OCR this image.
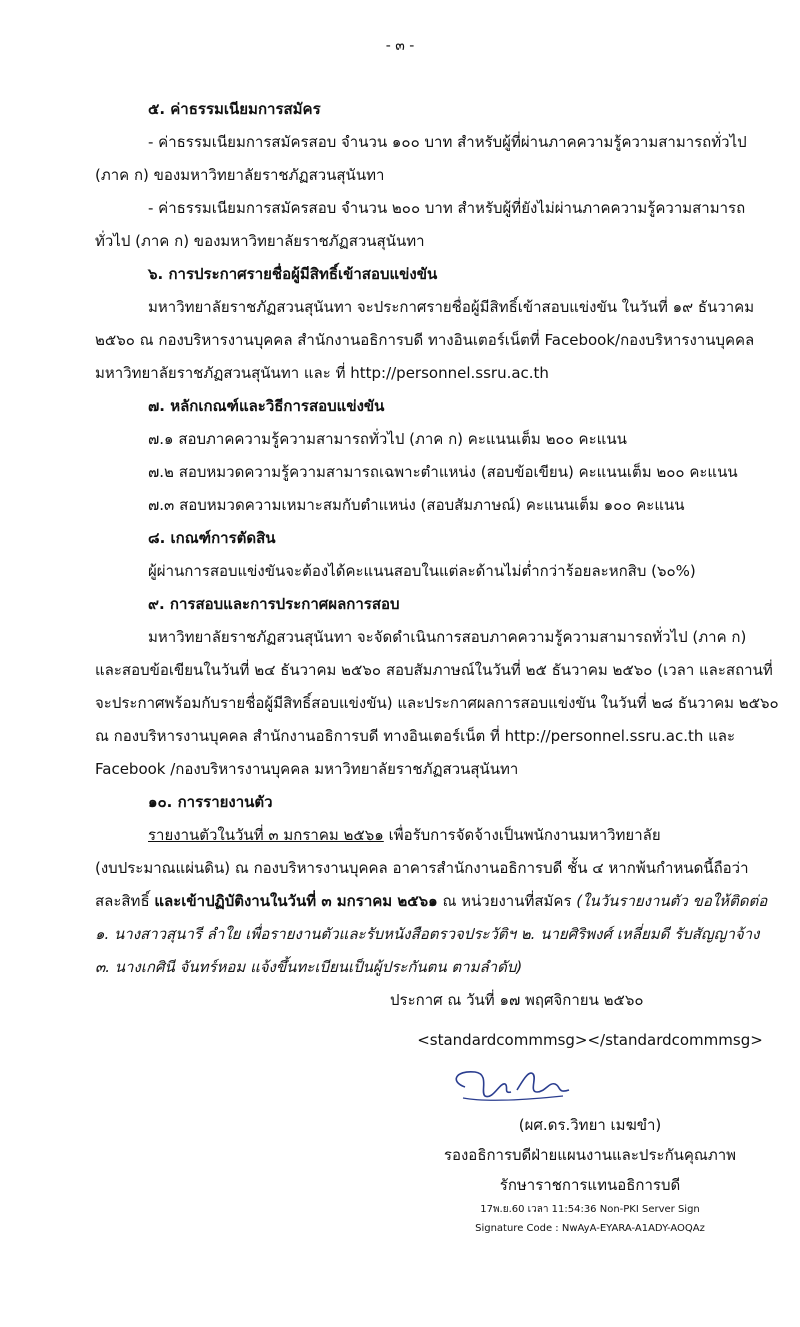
- ๓ -
๕. ค่าธรรมเนียมการสมัคร
- ค่าธรรมเนียมการสมัครสอบ จำนวน ๑๐๐ บาท สำหรับผู้ที่ผ่านภาคความรู้ความสามารถทั่วไป
(ภาค ก) ของมหาวิทยาลัยราชภัฏสวนสุนันทา
- ค่าธรรมเนียมการสมัครสอบ จำนวน ๒๐๐ บาท สำหรับผู้ที่ยังไม่ผ่านภาคความรู้ความสามารถ
ทั่วไป (ภาค ก) ของมหาวิทยาลัยราชภัฏสวนสุนันทา
๖. การประกาศรายชื่อผู้มีสิทธิ์เข้าสอบแข่งขัน
มหาวิทยาลัยราชภัฏสวนสุนันทา จะประกาศรายชื่อผู้มีสิทธิ์เข้าสอบแข่งขัน ในวันที่ ๑๙ ธันวาคม
๒๕๖๐ ณ กองบริหารงานบุคคล สำนักงานอธิการบดี ทางอินเตอร์เน็ตที่ Facebook/กองบริหารงานบุคคล
มหาวิทยาลัยราชภัฏสวนสุนันทา และ ที่ http://personnel.ssru.ac.th
๗. หลักเกณฑ์และวิธีการสอบแข่งขัน
๗.๑ สอบภาคความรู้ความสามารถทั่วไป (ภาค ก) คะแนนเต็ม ๒๐๐ คะแนน
๗.๒ สอบหมวดความรู้ความสามารถเฉพาะตำแหน่ง (สอบข้อเขียน) คะแนนเต็ม ๒๐๐ คะแนน
๗.๓ สอบหมวดความเหมาะสมกับตำแหน่ง (สอบสัมภาษณ์) คะแนนเต็ม ๑๐๐ คะแนน
๘. เกณฑ์การตัดสิน
ผู้ผ่านการสอบแข่งขันจะต้องได้คะแนนสอบในแต่ละด้านไม่ต่ำกว่าร้อยละหกสิบ (๖๐%)
๙. การสอบและการประกาศผลการสอบ
มหาวิทยาลัยราชภัฏสวนสุนันทา จะจัดดำเนินการสอบภาคความรู้ความสามารถทั่วไป (ภาค ก)
และสอบข้อเขียนในวันที่ ๒๔ ธันวาคม ๒๕๖๐ สอบสัมภาษณ์ในวันที่ ๒๕ ธันวาคม ๒๕๖๐ (เวลา และสถานที่
จะประกาศพร้อมกับรายชื่อผู้มีสิทธิ์สอบแข่งขัน) และประกาศผลการสอบแข่งขัน ในวันที่ ๒๘ ธันวาคม ๒๕๖๐
ณ กองบริหารงานบุคคล สำนักงานอธิการบดี ทางอินเตอร์เน็ต ที่ http://personnel.ssru.ac.th และ
Facebook /กองบริหารงานบุคคล มหาวิทยาลัยราชภัฏสวนสุนันทา
๑๐. การรายงานตัว
รายงานตัวในวันที่ ๓ มกราคม ๒๕๖๑ เพื่อรับการจัดจ้างเป็นพนักงานมหาวิทยาลัย
(งบประมาณแผ่นดิน) ณ กองบริหารงานบุคคล อาคารสำนักงานอธิการบดี ชั้น ๔ หากพ้นกำหนดนี้ถือว่า
สละสิทธิ์ และเข้าปฏิบัติงานในวันที่ ๓ มกราคม ๒๕๖๑ ณ หน่วยงานที่สมัคร (ในวันรายงานตัว ขอให้ติดต่อ
๑. นางสาวสุนารี ลำใย เพื่อรายงานตัวและรับหนังสือตรวจประวัติฯ ๒. นายศิริพงศ์ เหลี่ยมดี รับสัญญาจ้าง
๓. นางเกศินี จันทร์หอม แจ้งขึ้นทะเบียนเป็นผู้ประกันตน ตามลำดับ)
ประกาศ ณ วันที่ ๑๗ พฤศจิกายน ๒๕๖๐
<standardcommmsg></standardcommmsg>
(ผศ.ดร.วิทยา เมฆขำ)
รองอธิการบดีฝ่ายแผนงานและประกันคุณภาพ
รักษาราชการแทนอธิการบดี
17พ.ย.60 เวลา 11:54:36 Non-PKI Server Sign
Signature Code : NwAyA-EYARA-A1ADY-AOQAz
